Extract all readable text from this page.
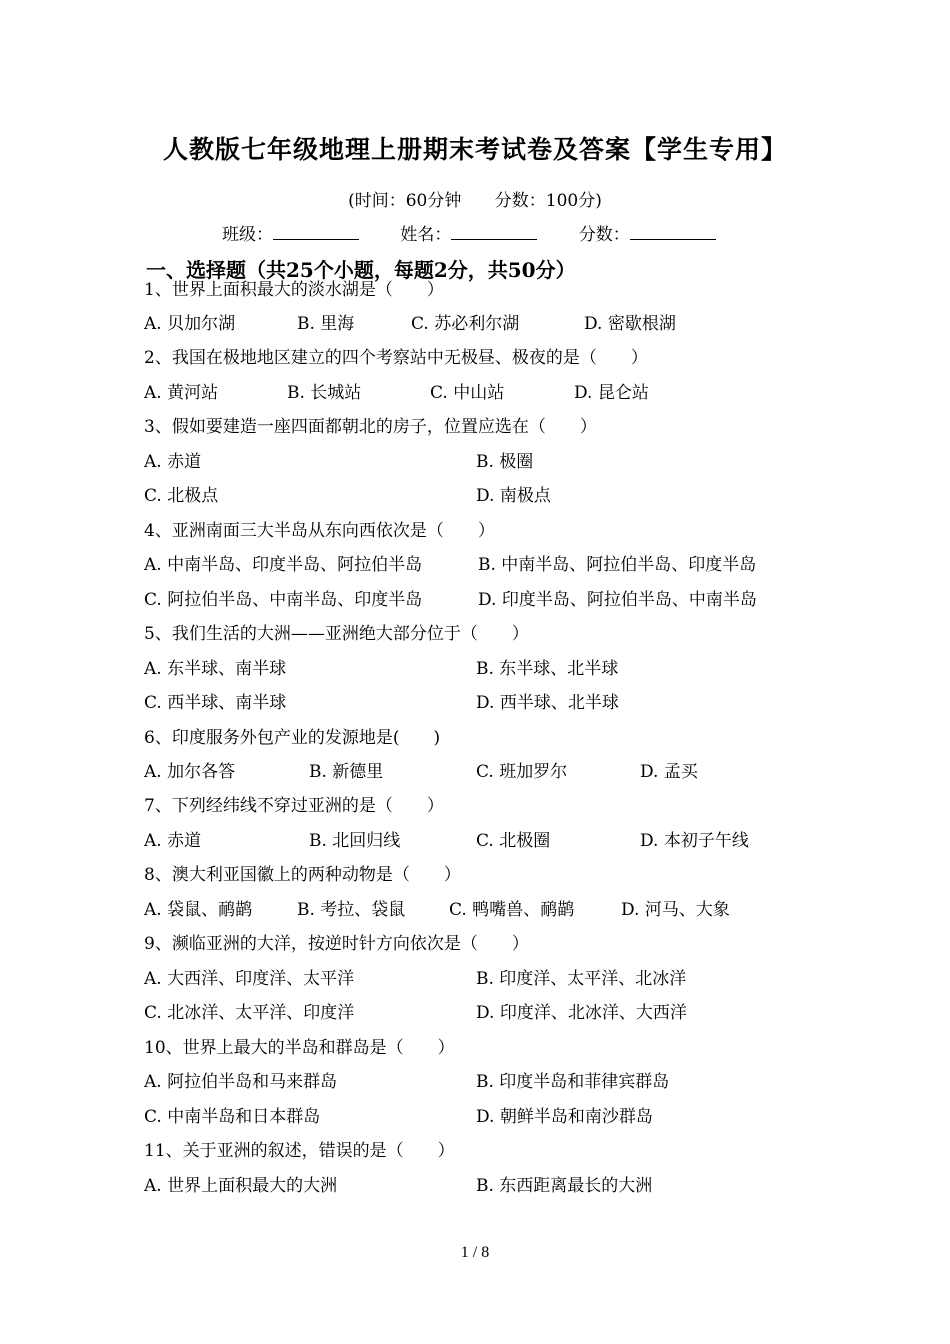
人教版七年级地理上册期末考试卷及答案【学生专用】
(时间：60分钟 分数：100分)
班级：	姓名：	分数：
一、选择题（共25个小题，每题2分，共50分）
1、世界上面积最大的淡水湖是（　　）
A. 贝加尔湖	B. 里海	C. 苏必利尔湖	D. 密歇根湖
2、我国在极地地区建立的四个考察站中无极昼、极夜的是（　　）
A. 黄河站	B. 长城站	C. 中山站	D. 昆仑站
3、假如要建造一座四面都朝北的房子，位置应选在（　　）
A. 赤道	B. 极圈
C. 北极点	D. 南极点
4、亚洲南面三大半岛从东向西依次是（　　）
A. 中南半岛、印度半岛、阿拉伯半岛	B. 中南半岛、阿拉伯半岛、印度半岛
C. 阿拉伯半岛、中南半岛、印度半岛	D. 印度半岛、阿拉伯半岛、中南半岛
5、我们生活的大洲——亚洲绝大部分位于（　　）
A. 东半球、南半球	B. 东半球、北半球
C. 西半球、南半球	D. 西半球、北半球
6、印度服务外包产业的发源地是(　　)
A. 加尔各答	B. 新德里	C. 班加罗尔	D. 孟买
7、下列经纬线不穿过亚洲的是（　　）
A. 赤道	B. 北回归线	C. 北极圈	D. 本初子午线
8、澳大利亚国徽上的两种动物是（　　）
A. 袋鼠、鸸鹋	B. 考拉、袋鼠	C. 鸭嘴兽、鸸鹋	D. 河马、大象
9、濒临亚洲的大洋，按逆时针方向依次是（　　）
A. 大西洋、印度洋、太平洋	B. 印度洋、太平洋、北冰洋
C. 北冰洋、太平洋、印度洋	D. 印度洋、北冰洋、大西洋
10、世界上最大的半岛和群岛是（　　）
A. 阿拉伯半岛和马来群岛	B. 印度半岛和菲律宾群岛
C. 中南半岛和日本群岛	D. 朝鲜半岛和南沙群岛
11、关于亚洲的叙述，错误的是（　　）
A. 世界上面积最大的大洲	B. 东西距离最长的大洲
1 / 8
